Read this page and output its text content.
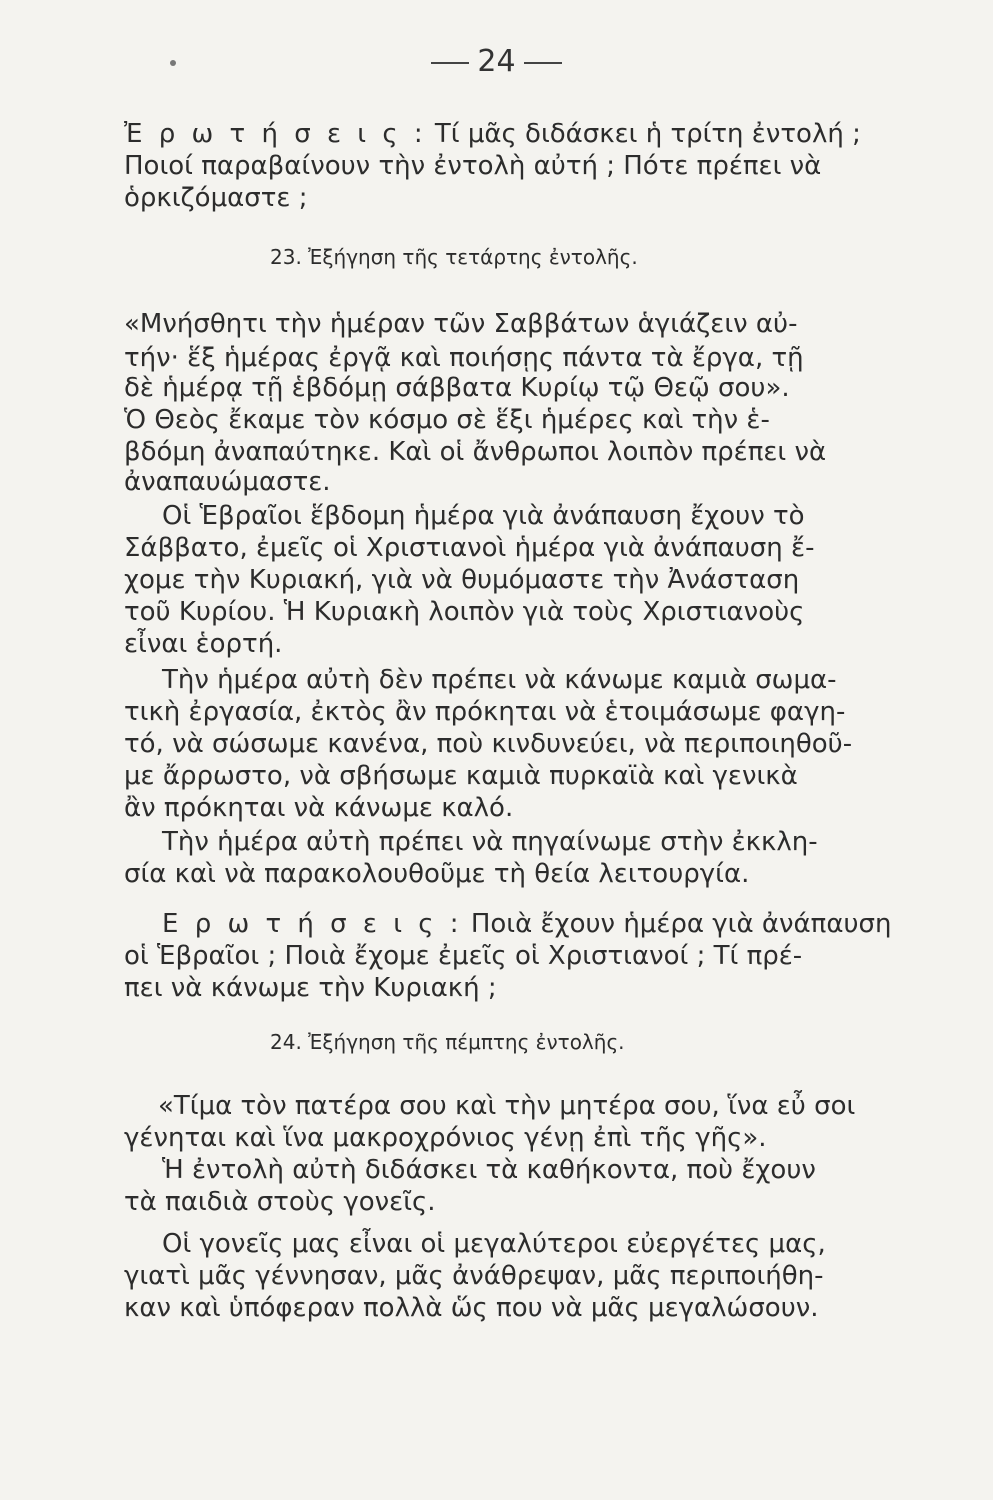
24
Ἐ ρ ω τ ή σ ε ι ς : Τί μᾶς διδάσκει ἡ τρίτη ἐντολή ;
Ποιοί παραβαίνουν τὴν ἐντολὴ αὐτή ; Πότε πρέπει νὰ
ὁρκιζόμαστε ;
23. Ἐξήγηση τῆς τετάρτης ἐντολῆς.
«Μνήσθητι τὴν ἡμέραν τῶν Σαββάτων ἁγιάζειν αὐ-
τήν· ἕξ ἡμέρας ἐργᾷ καὶ ποιήσῃς πάντα τὰ ἔργα, τῇ
δὲ ἡμέρᾳ τῇ ἑβδόμῃ σάββατα Κυρίῳ τῷ Θεῷ σου».
Ὁ Θεὸς ἔκαμε τὸν κόσμο σὲ ἕξι ἡμέρες καὶ τὴν ἑ-
βδόμη ἀναπαύτηκε. Καὶ οἱ ἄνθρωποι λοιπὸν πρέπει νὰ
ἀναπαυώμαστε.
Οἱ Ἑβραῖοι ἕβδομη ἡμέρα γιὰ ἀνάπαυση ἔχουν τὸ
Σάββατο, ἐμεῖς οἱ Χριστιανοὶ ἡμέρα γιὰ ἀνάπαυση ἔ-
χομε τὴν Κυριακή, γιὰ νὰ θυμόμαστε τὴν Ἀνάσταση
τοῦ Κυρίου. Ἡ Κυριακὴ λοιπὸν γιὰ τοὺς Χριστιανοὺς
εἶναι ἑορτή.
Τὴν ἡμέρα αὐτὴ δὲν πρέπει νὰ κάνωμε καμιὰ σωμα-
τικὴ ἐργασία, ἐκτὸς ἂν πρόκηται νὰ ἑτοιμάσωμε φαγη-
τό, νὰ σώσωμε κανένα, ποὺ κινδυνεύει, νὰ περιποιηθοῦ-
με ἄρρωστο, νὰ σβήσωμε καμιὰ πυρκαϊὰ καὶ γενικὰ
ἂν πρόκηται νὰ κάνωμε καλό.
Τὴν ἡμέρα αὐτὴ πρέπει νὰ πηγαίνωμε στὴν ἐκκλη-
σία καὶ νὰ παρακολουθοῦμε τὴ θεία λειτουργία.
Ε ρ ω τ ή σ ε ι ς : Ποιὰ ἔχουν ἡμέρα γιὰ ἀνάπαυση
οἱ Ἑβραῖοι ; Ποιὰ ἔχομε ἐμεῖς οἱ Χριστιανοί ; Τί πρέ-
πει νὰ κάνωμε τὴν Κυριακή ;
24. Ἐξήγηση τῆς πέμπτης ἐντολῆς.
«Τίμα τὸν πατέρα σου καὶ τὴν μητέρα σου, ἵνα εὖ σοι
γένηται καὶ ἵνα μακροχρόνιος γένῃ ἐπὶ τῆς γῆς».
Ἡ ἐντολὴ αὐτὴ διδάσκει τὰ καθήκοντα, ποὺ ἔχουν
τὰ παιδιὰ στοὺς γονεῖς.
Οἱ γονεῖς μας εἶναι οἱ μεγαλύτεροι εὐεργέτες μας,
γιατὶ μᾶς γέννησαν, μᾶς ἀνάθρεψαν, μᾶς περιποιήθη-
καν καὶ ὑπόφεραν πολλὰ ὥς που νὰ μᾶς μεγαλώσουν.
